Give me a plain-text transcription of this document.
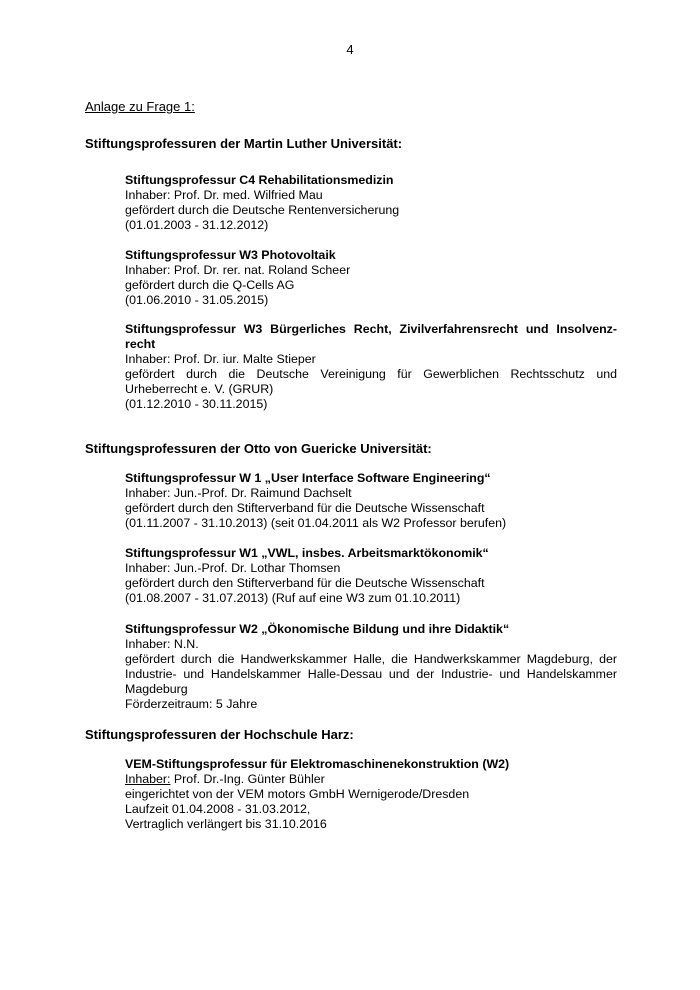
4
Anlage zu Frage 1:
Stiftungsprofessuren der Martin Luther Universität:
Stiftungsprofessur C4 Rehabilitationsmedizin
Inhaber: Prof. Dr. med. Wilfried Mau
gefördert durch die Deutsche Rentenversicherung
(01.01.2003 - 31.12.2012)
Stiftungsprofessur W3 Photovoltaik
Inhaber: Prof. Dr. rer. nat. Roland Scheer
gefördert durch die Q-Cells AG
(01.06.2010 - 31.05.2015)
Stiftungsprofessur W3 Bürgerliches Recht, Zivilverfahrensrecht und Insolvenz-recht
Inhaber: Prof. Dr. iur. Malte Stieper
gefördert durch die Deutsche Vereinigung für Gewerblichen Rechtsschutz und Urheberrecht e. V. (GRUR)
(01.12.2010 - 30.11.2015)
Stiftungsprofessuren der Otto von Guericke Universität:
Stiftungsprofessur W 1 „User Interface Software Engineering“
Inhaber: Jun.-Prof. Dr. Raimund Dachselt
gefördert durch den Stifterverband für die Deutsche Wissenschaft
(01.11.2007 - 31.10.2013) (seit 01.04.2011 als W2 Professor berufen)
Stiftungsprofessur W1 „VWL, insbes. Arbeitsmarktökonomik“
Inhaber: Jun.-Prof. Dr. Lothar Thomsen
gefördert durch den Stifterverband für die Deutsche Wissenschaft
(01.08.2007 - 31.07.2013) (Ruf auf eine W3 zum 01.10.2011)
Stiftungsprofessur W2 „Ökonomische Bildung und ihre Didaktik“
Inhaber: N.N.
gefördert durch die Handwerkskammer Halle, die Handwerkskammer Magdeburg, der Industrie- und Handelskammer Halle-Dessau und der Industrie- und Handelskammer Magdeburg
Förderzeitraum: 5 Jahre
Stiftungsprofessuren der Hochschule Harz:
VEM-Stiftungsprofessur für Elektromaschinenekonstruktion (W2)
Inhaber: Prof. Dr.-Ing. Günter Bühler
eingerichtet von der VEM motors GmbH Wernigerode/Dresden
Laufzeit 01.04.2008 - 31.03.2012,
Vertraglich verlängert bis 31.10.2016
